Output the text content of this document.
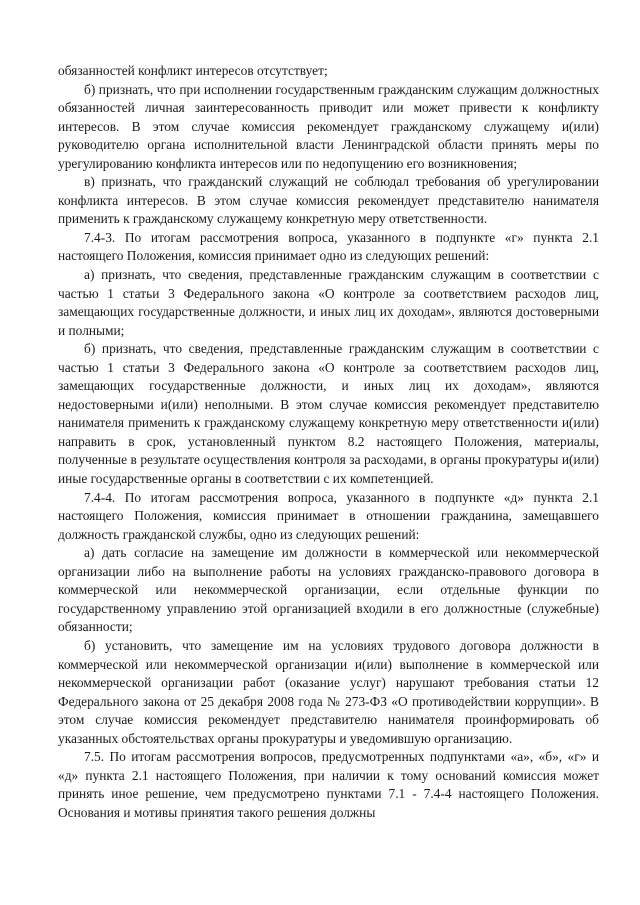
обязанностей конфликт интересов отсутствует;

б) признать, что при исполнении государственным гражданским служащим должностных обязанностей личная заинтересованность приводит или может привести к конфликту интересов. В этом случае комиссия рекомендует гражданскому служащему и(или) руководителю органа исполнительной власти Ленинградской области принять меры по урегулированию конфликта интересов или по недопущению его возникновения;

в) признать, что гражданский служащий не соблюдал требования об урегулировании конфликта интересов. В этом случае комиссия рекомендует представителю нанимателя применить к гражданскому служащему конкретную меру ответственности.

7.4-3. По итогам рассмотрения вопроса, указанного в подпункте «г» пункта 2.1 настоящего Положения, комиссия принимает одно из следующих решений:

а) признать, что сведения, представленные гражданским служащим в соответствии с частью 1 статьи 3 Федерального закона «О контроле за соответствием расходов лиц, замещающих государственные должности, и иных лиц их доходам», являются достоверными и полными;

б) признать, что сведения, представленные гражданским служащим в соответствии с частью 1 статьи 3 Федерального закона «О контроле за соответствием расходов лиц, замещающих государственные должности, и иных лиц их доходам», являются недостоверными и(или) неполными. В этом случае комиссия рекомендует представителю нанимателя применить к гражданскому служащему конкретную меру ответственности и(или) направить в срок, установленный пунктом 8.2 настоящего Положения, материалы, полученные в результате осуществления контроля за расходами, в органы прокуратуры и(или) иные государственные органы в соответствии с их компетенцией.

7.4-4. По итогам рассмотрения вопроса, указанного в подпункте «д» пункта 2.1 настоящего Положения, комиссия принимает в отношении гражданина, замещавшего должность гражданской службы, одно из следующих решений:

а) дать согласие на замещение им должности в коммерческой или некоммерческой организации либо на выполнение работы на условиях гражданско-правового договора в коммерческой или некоммерческой организации, если отдельные функции по государственному управлению этой организацией входили в его должностные (служебные) обязанности;

б) установить, что замещение им на условиях трудового договора должности в коммерческой или некоммерческой организации и(или) выполнение в коммерческой или некоммерческой организации работ (оказание услуг) нарушают требования статьи 12 Федерального закона от 25 декабря 2008 года № 273-ФЗ «О противодействии коррупции». В этом случае комиссия рекомендует представителю нанимателя проинформировать об указанных обстоятельствах органы прокуратуры и уведомившую организацию.

7.5. По итогам рассмотрения вопросов, предусмотренных подпунктами «а», «б», «г» и «д» пункта 2.1 настоящего Положения, при наличии к тому оснований комиссия может принять иное решение, чем предусмотрено пунктами 7.1 - 7.4-4 настоящего Положения. Основания и мотивы принятия такого решения должны
